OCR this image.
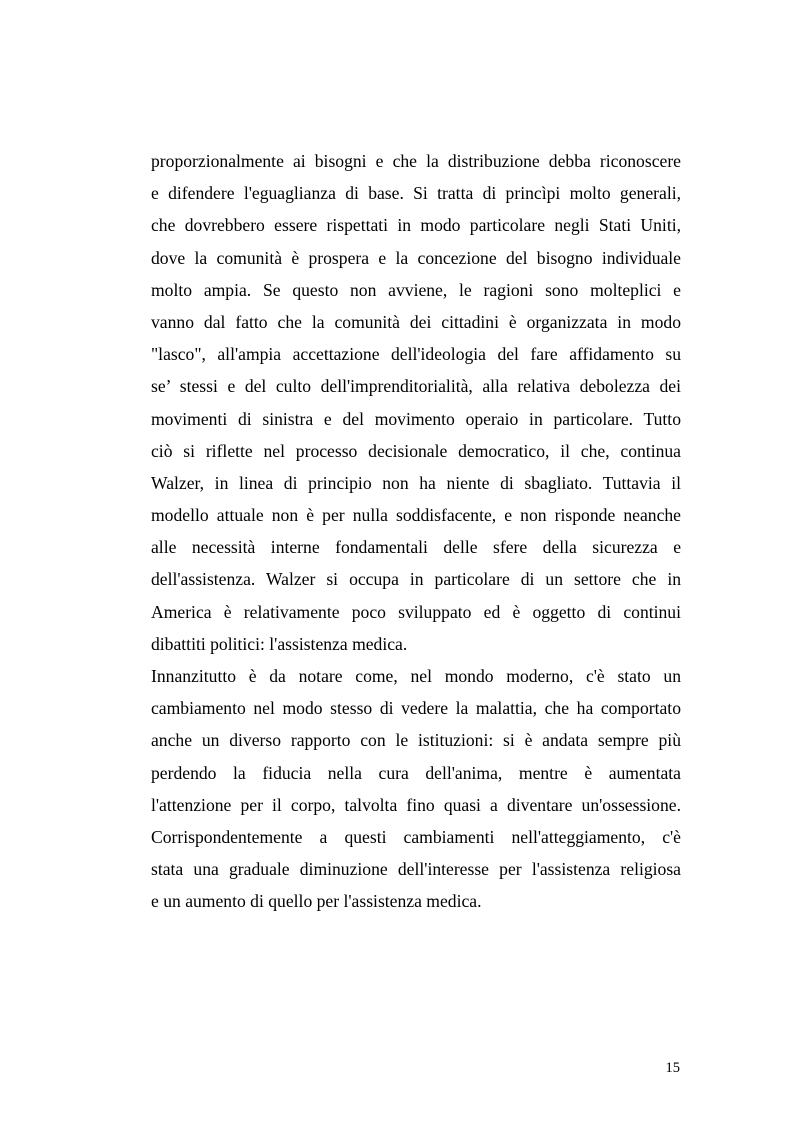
proporzionalmente ai bisogni e che la distribuzione debba riconoscere
e difendere l'eguaglianza di base. Si tratta di princìpi molto generali,
che dovrebbero essere rispettati in modo particolare negli Stati Uniti,
dove la comunità è prospera e la concezione del bisogno individuale
molto ampia. Se questo non avviene, le ragioni sono molteplici e
vanno dal fatto che la comunità dei cittadini è organizzata in modo
"lasco", all'ampia accettazione dell'ideologia del fare affidamento su
se’ stessi e del culto dell'imprenditorialità, alla relativa debolezza dei
movimenti di sinistra e del movimento operaio in particolare. Tutto
ciò si riflette nel processo decisionale democratico, il che, continua
Walzer, in linea di principio non ha niente di sbagliato. Tuttavia il
modello attuale non è per nulla soddisfacente, e non risponde neanche
alle necessità interne fondamentali delle sfere della sicurezza e
dell'assistenza. Walzer si occupa in particolare di un settore che in
America è relativamente poco sviluppato ed è oggetto di continui
dibattiti politici: l'assistenza medica.
Innanzitutto è da notare come, nel mondo moderno, c'è stato un
cambiamento nel modo stesso di vedere la malattia, che ha comportato
anche un diverso rapporto con le istituzioni: si è andata sempre più
perdendo la fiducia nella cura dell'anima, mentre è aumentata
l'attenzione per il corpo, talvolta fino quasi a diventare un'ossessione.
Corrispondentemente a questi cambiamenti nell'atteggiamento, c'è
stata una graduale diminuzione dell'interesse per l'assistenza religiosa
e un aumento di quello per l'assistenza medica.
15
